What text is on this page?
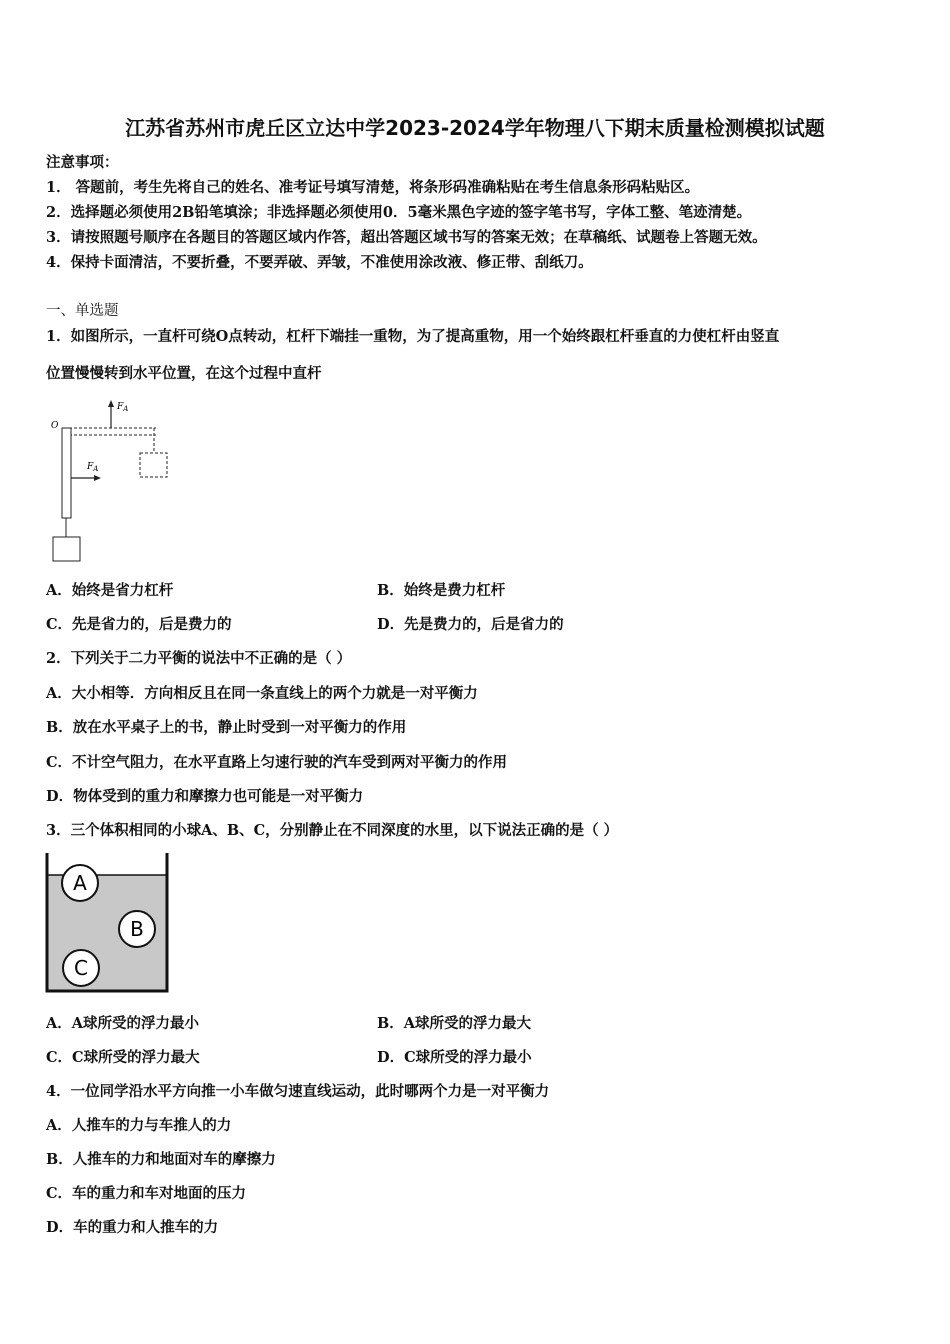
江苏省苏州市虎丘区立达中学2023-2024学年物理八下期末质量检测模拟试题
注意事项：
1． 答题前，考生先将自己的姓名、准考证号填写清楚，将条形码准确粘贴在考生信息条形码粘贴区。
2．选择题必须使用2B铅笔填涂；非选择题必须使用0．5毫米黑色字迹的签字笔书写，字体工整、笔迹清楚。
3．请按照题号顺序在各题目的答题区域内作答，超出答题区域书写的答案无效；在草稿纸、试题卷上答题无效。
4．保持卡面清洁，不要折叠，不要弄破、弄皱，不准使用涂改液、修正带、刮纸刀。
一、单选题
1．如图所示，一直杆可绕O点转动，杠杆下端挂一重物，为了提高重物，用一个始终跟杠杆垂直的力使杠杆由竖直
位置慢慢转到水平位置，在这个过程中直杆
O
$F_A$
$F_A$
A．始终是省力杠杆	B．始终是费力杠杆
C．先是省力的，后是费力的	D．先是费力的，后是省力的
2．下列关于二力平衡的说法中不正确的是（ ）
A．大小相等．方向相反且在同一条直线上的两个力就是一对平衡力
B．放在水平桌子上的书，静止时受到一对平衡力的作用
C．不计空气阻力，在水平直路上匀速行驶的汽车受到两对平衡力的作用
D．物体受到的重力和摩擦力也可能是一对平衡力
3．三个体积相同的小球A、B、C，分别静止在不同深度的水里，以下说法正确的是（ ）
A
B
C
A．A球所受的浮力最小	B．A球所受的浮力最大
C．C球所受的浮力最大	D．C球所受的浮力最小
4．一位同学沿水平方向推一小车做匀速直线运动，此时哪两个力是一对平衡力
A．人推车的力与车推人的力
B．人推车的力和地面对车的摩擦力
C．车的重力和车对地面的压力
D．车的重力和人推车的力
